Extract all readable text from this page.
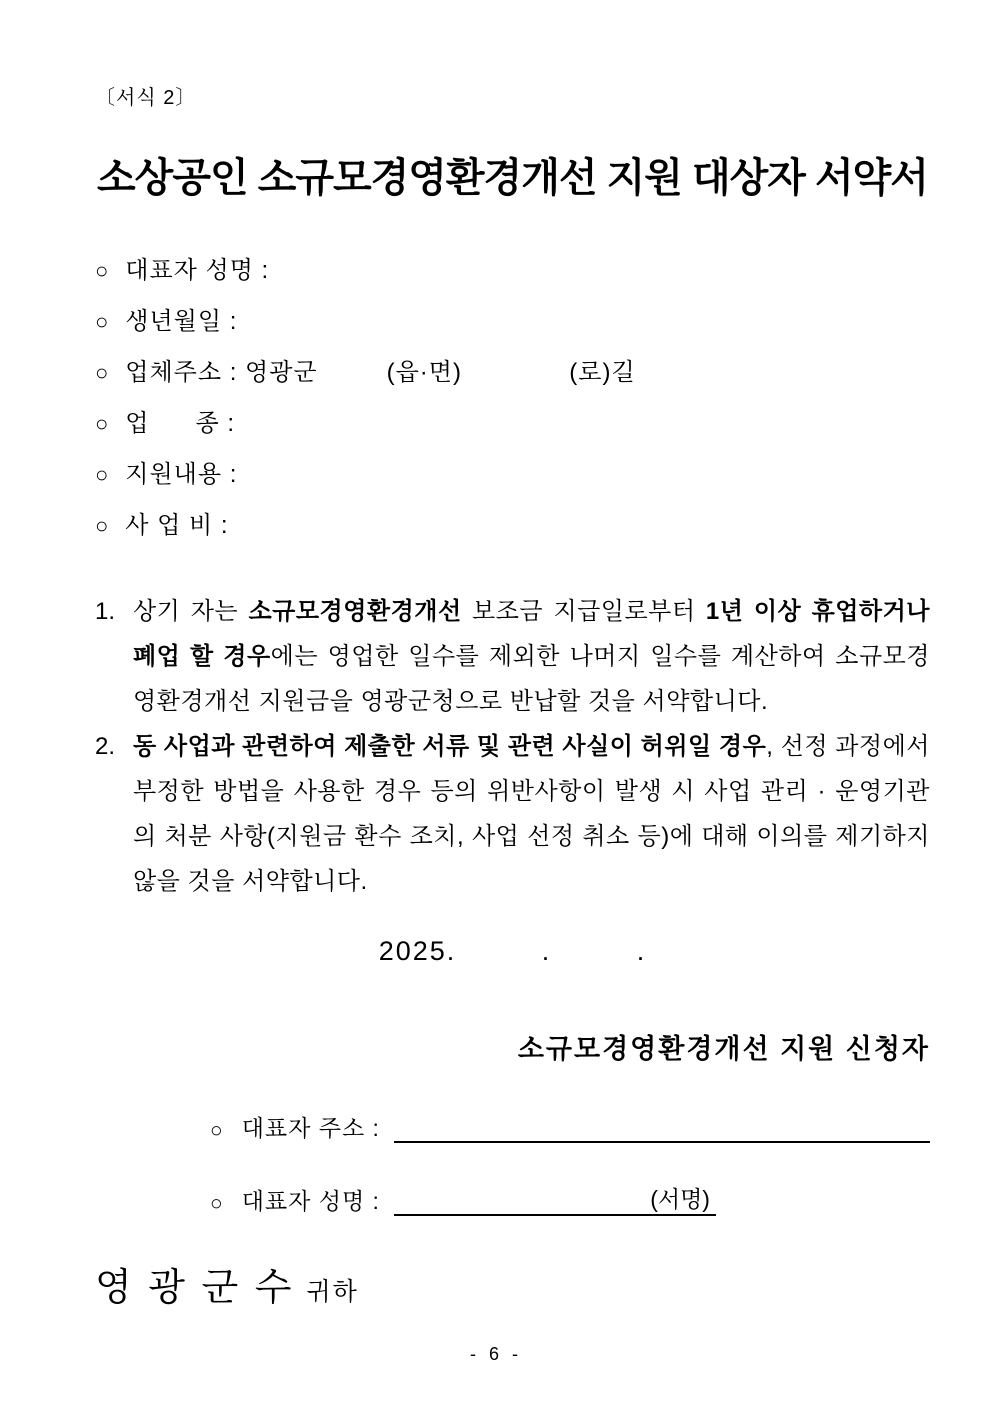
〔서식 2〕
소상공인 소규모경영환경개선 지원 대상자 서약서
○ 대표자 성명 :
○ 생년월일 :
○ 업체주소 : 영광군         (읍·면)              (로)길
○ 업      종 :
○ 지원내용 :
○ 사 업 비 :
1. 상기 자는 소규모경영환경개선 보조금 지급일로부터 1년 이상 휴업하거나 폐업 할 경우에는 영업한 일수를 제외한 나머지 일수를 계산하여 소규모경영환경개선 지원금을 영광군청으로 반납할 것을 서약합니다.
2. 동 사업과 관련하여 제출한 서류 및 관련 사실이 허위일 경우, 선정 과정에서 부정한 방법을 사용한 경우 등의 위반사항이 발생 시 사업 관리 · 운영기관의 처분 사항(지원금 환수 조치, 사업 선정 취소 등)에 대해 이의를 제기하지 않을 것을 서약합니다.
2025.         .         .
소규모경영환경개선 지원 신청자
○ 대표자 주소 :
○ 대표자 성명 :	(서명)
영 광 군 수 귀하
- 6 -
